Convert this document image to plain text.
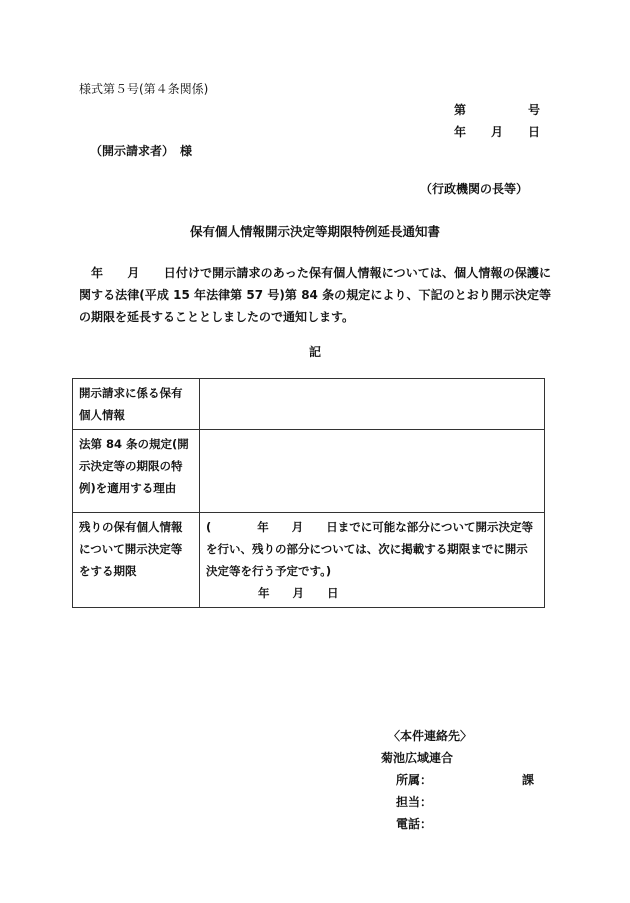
様式第５号(第４条関係)
第	号
年 月 日
（開示請求者）　様
（行政機関の長等）
保有個人情報開示決定等期限特例延長通知書

年　　月　　日付けで開示請求のあった保有個人情報については、個人情報の保護に関する法律(平成 15 年法律第 57 号)第 84 条の規定により、下記のとおり開示決定等の期限を延長することとしましたので通知します。

記
開示請求に係る保有個人情報	
法第 84 条の規定(開示決定等の期限の特例)を適用する理由	
残りの保有個人情報について開示決定等をする期限	(　　　　年　　月　　日までに可能な部分について開示決定等を行い、残りの部分については、次に掲載する期限までに開示決定等を行う予定です。)
年　　月　　日
〈本件連絡先〉
菊池広域連合
所属：	課
担当：
電話：
